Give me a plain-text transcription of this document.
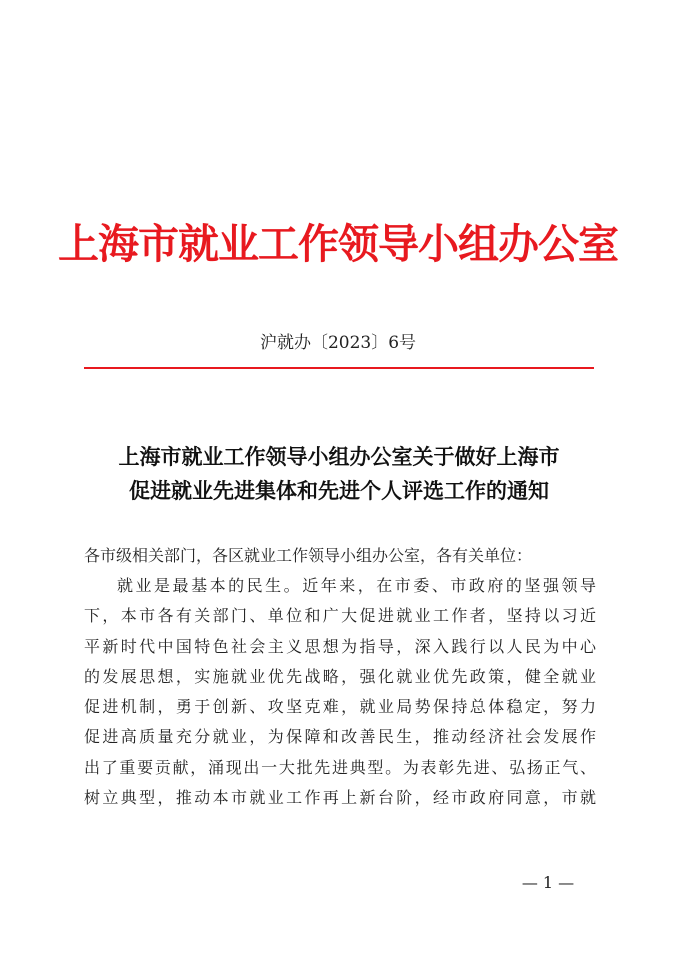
上海市就业工作领导小组办公室
沪就办〔2023〕6号
上海市就业工作领导小组办公室关于做好上海市
促进就业先进集体和先进个人评选工作的通知
各市级相关部门，各区就业工作领导小组办公室，各有关单位：
就业是最基本的民生。近年来，在市委、市政府的坚强领导
下，本市各有关部门、单位和广大促进就业工作者，坚持以习近
平新时代中国特色社会主义思想为指导，深入践行以人民为中心
的发展思想，实施就业优先战略，强化就业优先政策，健全就业
促进机制，勇于创新、攻坚克难，就业局势保持总体稳定，努力
促进高质量充分就业，为保障和改善民生，推动经济社会发展作
出了重要贡献，涌现出一大批先进典型。为表彰先进、弘扬正气、
树立典型，推动本市就业工作再上新台阶，经市政府同意，市就
— 1 —
